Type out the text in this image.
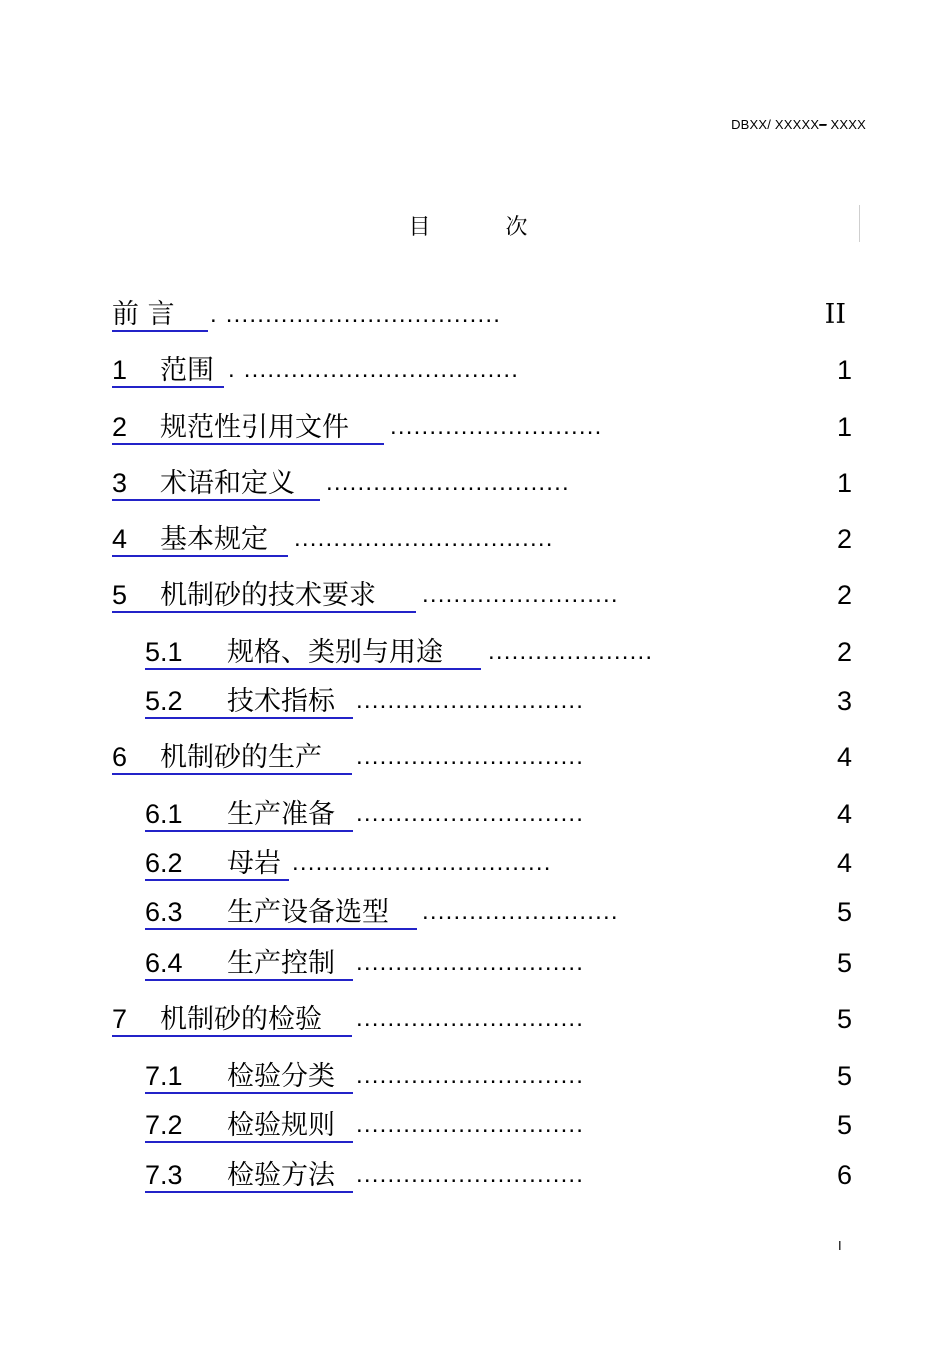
DBXX/ XXXXX– XXXX
目 次
前 言	. ...................................	II
1 范围 . ...................................	1
2 规范性引用文件	...........................	1
3 术语和定义	...............................	1
4 基本规定	.................................	2
5 机制砂的技术要求	.........................	2
5.1 规格、类别与用途	.....................	2
5.2 技术指标 .............................	3
6 机制砂的生产	.............................	4
6.1 生产准备 .............................	4
6.2 母岩 .................................	4
6.3 生产设备选型	.........................	5
6.4 生产控制 .............................	5
7 机制砂的检验	.............................	5
7.1 检验分类 .............................	5
7.2 检验规则 .............................	5
7.3 检验方法 .............................	6
I
